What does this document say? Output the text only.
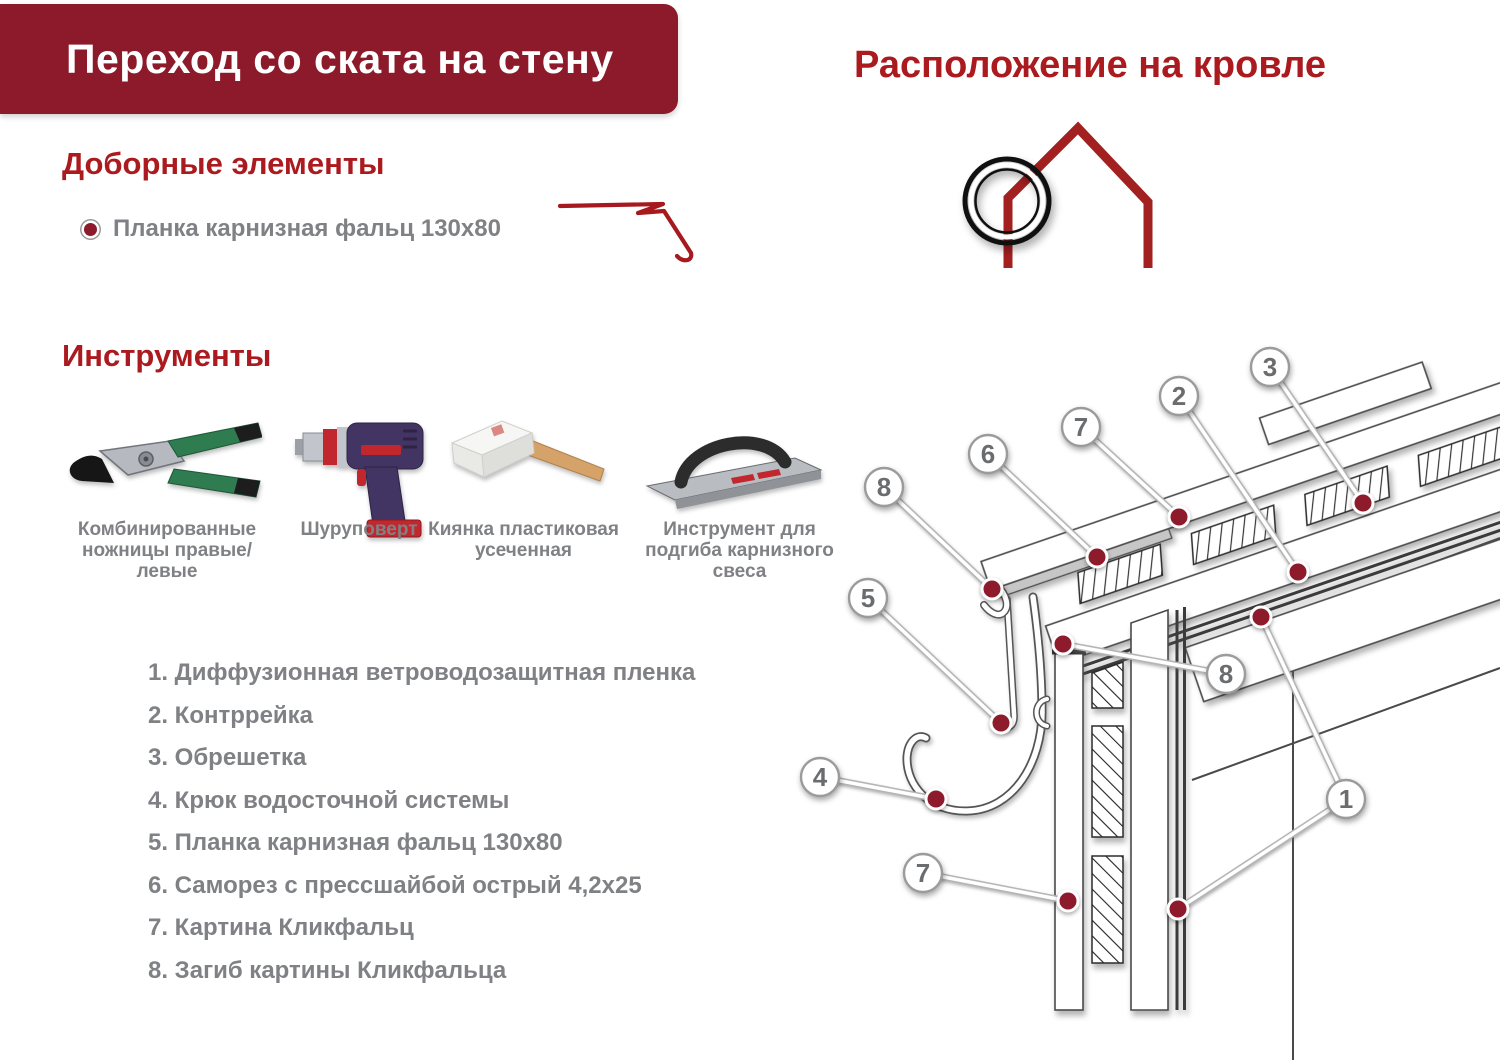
Переход со ската на стену
Доборные элементы
Планка карнизная фальц 130х80
Инструменты
Комбинированные ножницы правые/левые
Шуруповерт Киянка пластиковая усеченная
Инструмент для подгиба карнизного свеса
1. Диффузионная ветроводозащитная пленка
2. Контррейка
3. Обрешетка
4. Крюк водосточной системы
5. Планка карнизная фальц 130х80
6. Саморез с прессшайбой острый 4,2х25
7. Картина Кликфальц
8. Загиб картины Кликфальца
Расположение на кровле
3
2
7
6
8
5
4
7
8
1
